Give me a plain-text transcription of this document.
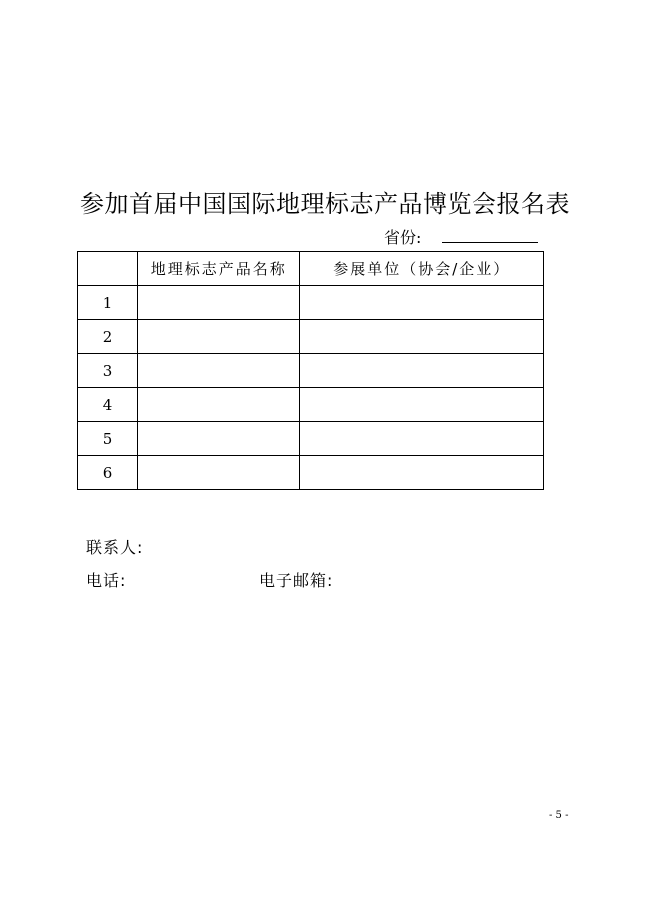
参加首届中国国际地理标志产品博览会报名表
省份:
	地理标志产品名称	参展单位（协会/企业）
1		
2		
3		
4		
5		
6		
联系人:
电话:	电子邮箱:
- 5 -
